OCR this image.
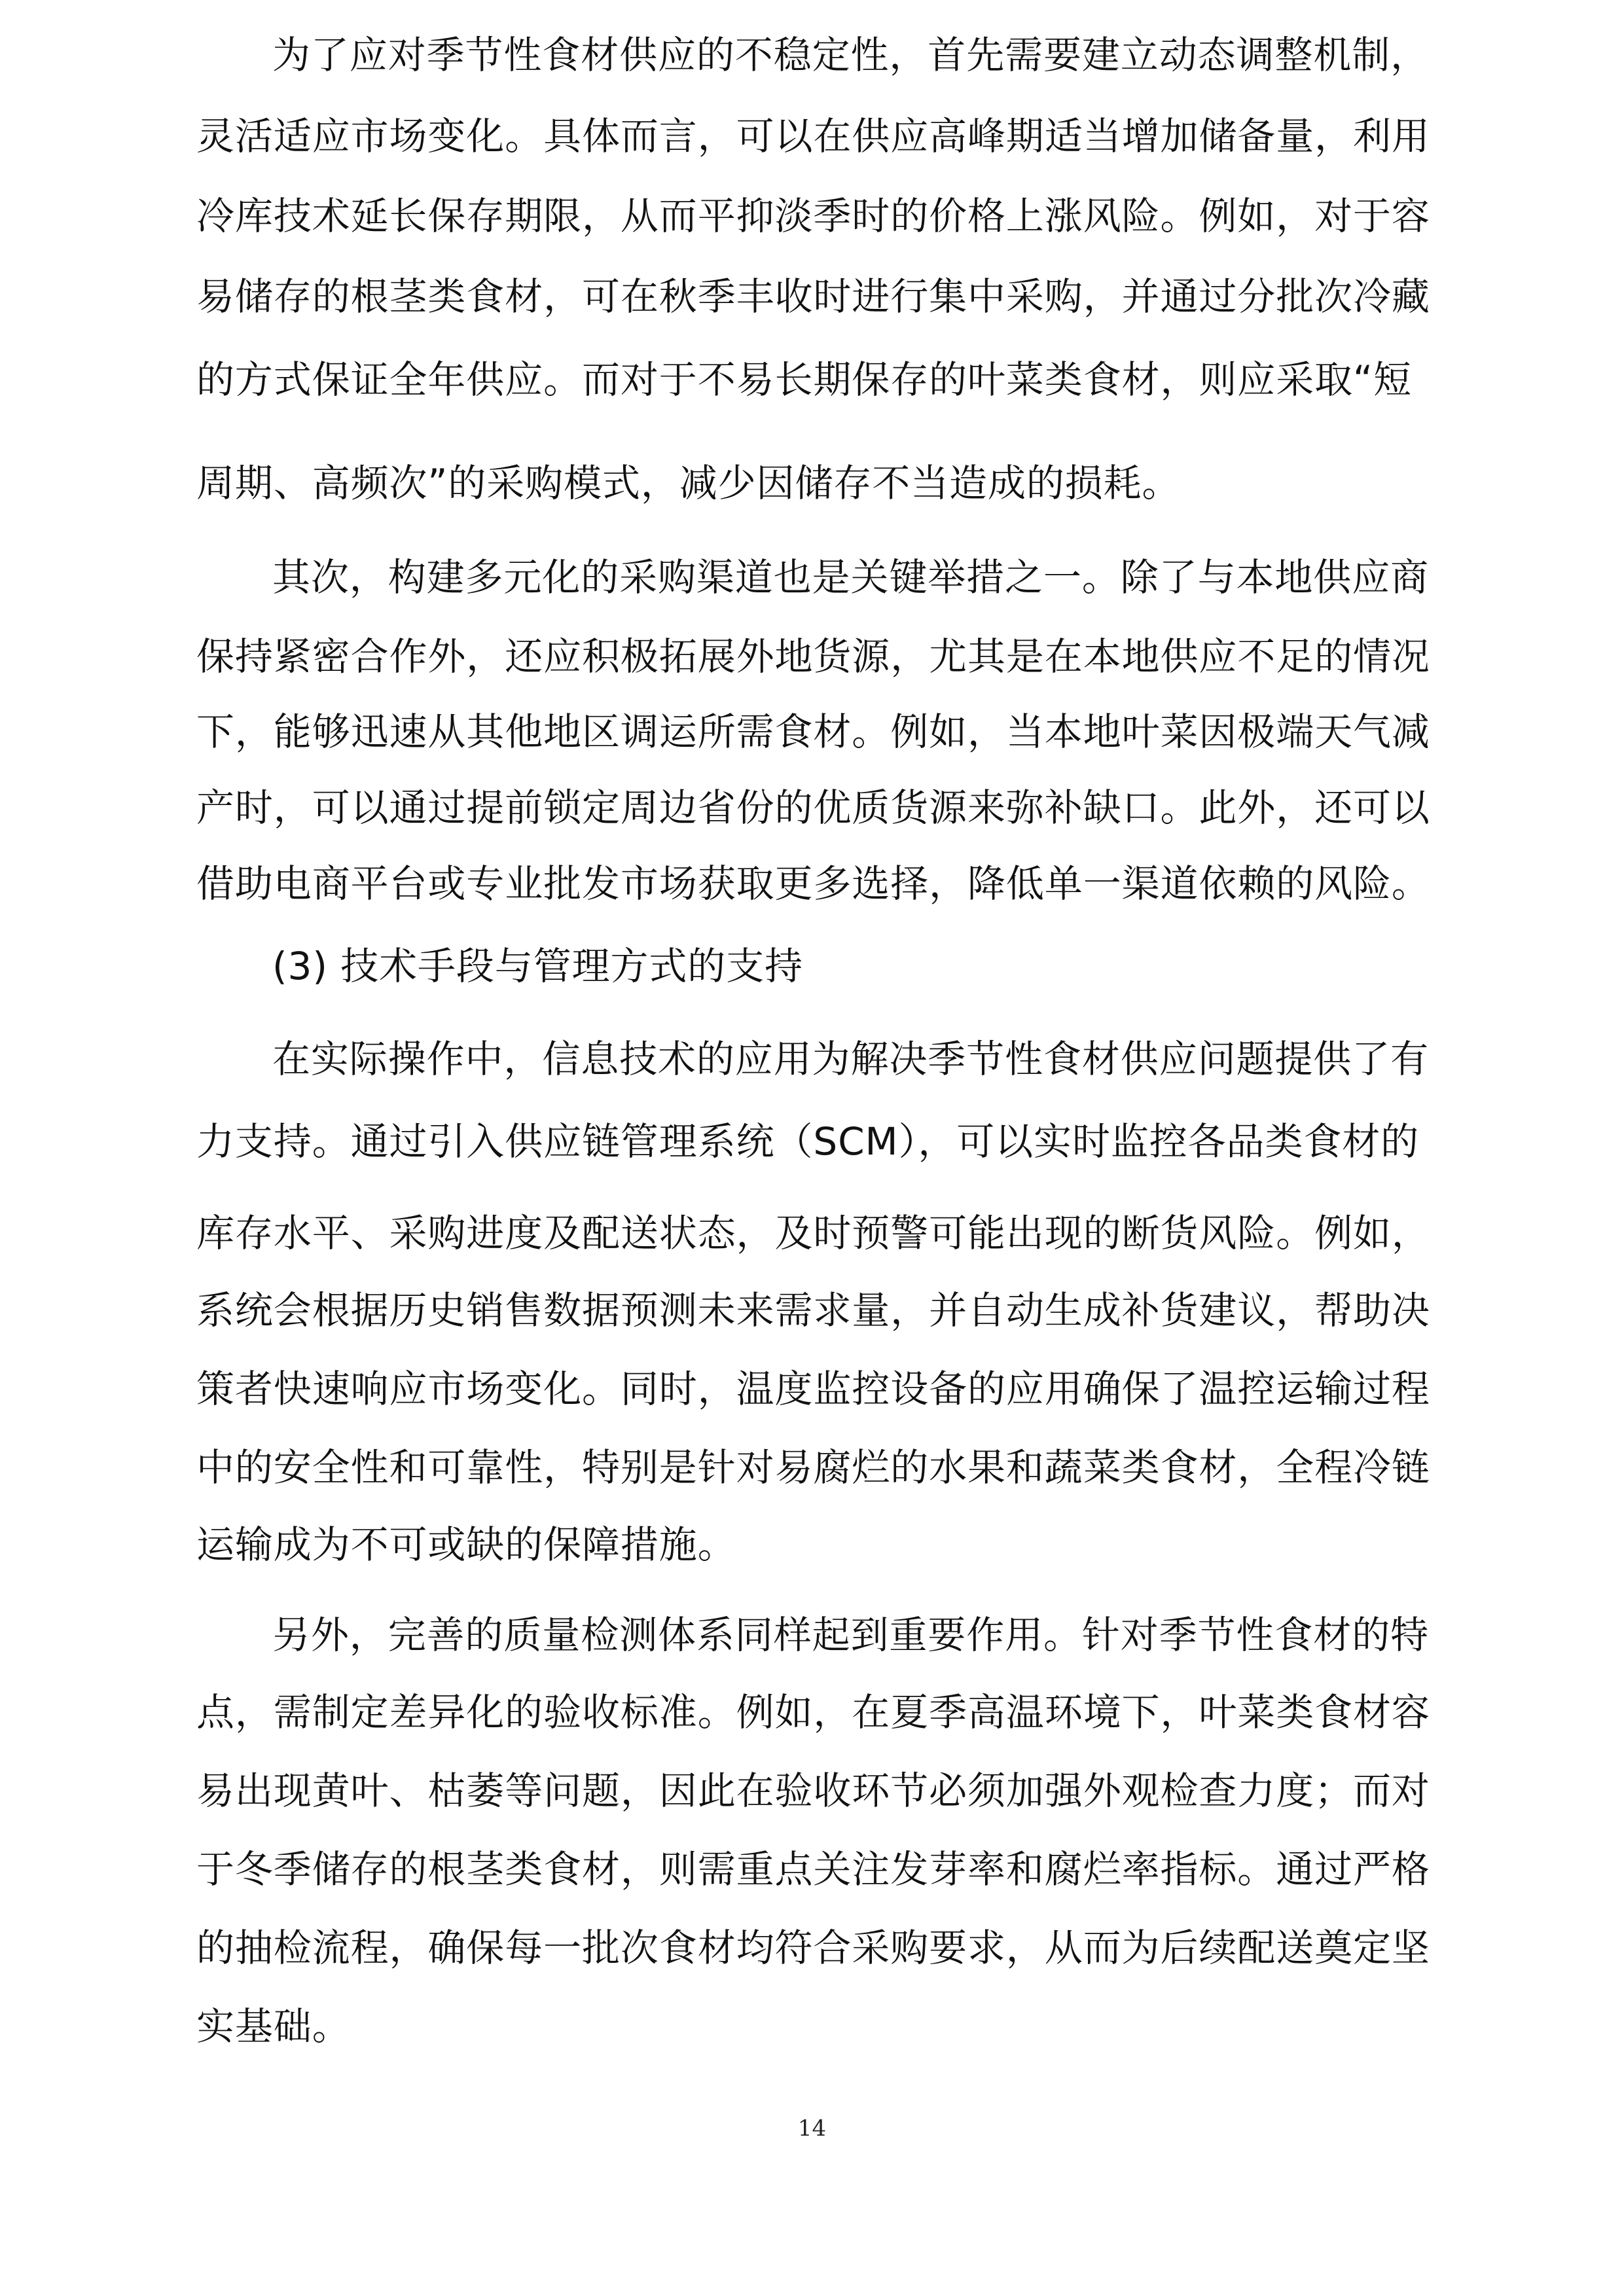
为了应对季节性食材供应的不稳定性，首先需要建立动态调整机制，
灵活适应市场变化。具体而言，可以在供应高峰期适当增加储备量，利用
冷库技术延长保存期限，从而平抑淡季时的价格上涨风险。例如，对于容
易储存的根茎类食材，可在秋季丰收时进行集中采购，并通过分批次冷藏
的方式保证全年供应。而对于不易长期保存的叶菜类食材，则应采取“短
周期、高频次”的采购模式，减少因储存不当造成的损耗。
其次，构建多元化的采购渠道也是关键举措之一。除了与本地供应商
保持紧密合作外，还应积极拓展外地货源，尤其是在本地供应不足的情况
下，能够迅速从其他地区调运所需食材。例如，当本地叶菜因极端天气减
产时，可以通过提前锁定周边省份的优质货源来弥补缺口。此外，还可以
借助电商平台或专业批发市场获取更多选择，降低单一渠道依赖的风险。
(3) 技术手段与管理方式的支持
在实际操作中，信息技术的应用为解决季节性食材供应问题提供了有
力支持。通过引入供应链管理系统（SCM），可以实时监控各品类食材的
库存水平、采购进度及配送状态，及时预警可能出现的断货风险。例如，
系统会根据历史销售数据预测未来需求量，并自动生成补货建议，帮助决
策者快速响应市场变化。同时，温度监控设备的应用确保了温控运输过程
中的安全性和可靠性，特别是针对易腐烂的水果和蔬菜类食材，全程冷链
运输成为不可或缺的保障措施。
另外，完善的质量检测体系同样起到重要作用。针对季节性食材的特
点，需制定差异化的验收标准。例如，在夏季高温环境下，叶菜类食材容
易出现黄叶、枯萎等问题，因此在验收环节必须加强外观检查力度；而对
于冬季储存的根茎类食材，则需重点关注发芽率和腐烂率指标。通过严格
的抽检流程，确保每一批次食材均符合采购要求，从而为后续配送奠定坚
实基础。
14
